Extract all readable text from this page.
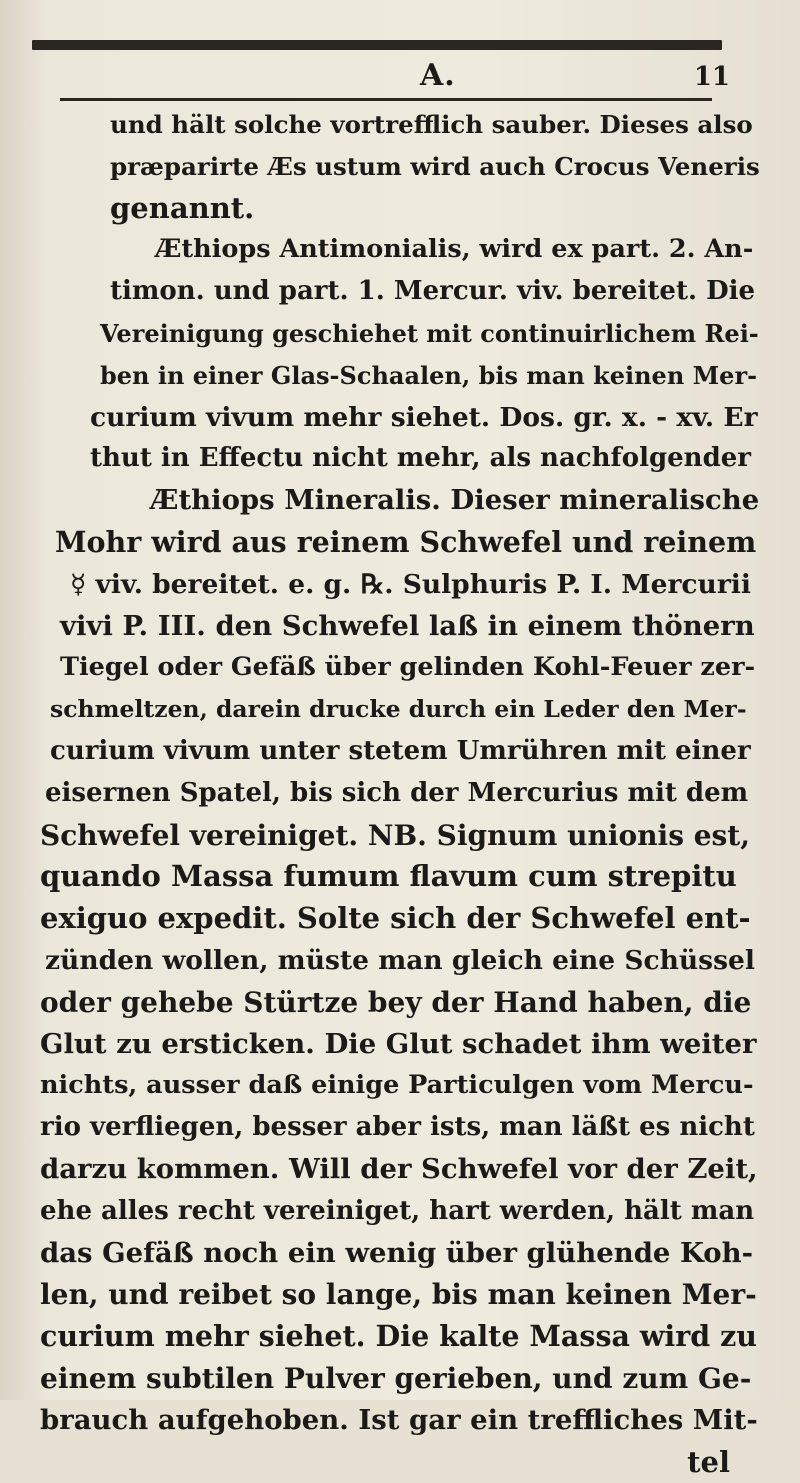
A.	11
und hält solche vortrefflich sauber. Dieses also
præparirte Æs ustum wird auch Crocus Veneris
genannt.
Æthiops Antimonialis, wird ex part. 2. An-
timon. und part. 1. Mercur. viv. bereitet. Die
Vereinigung geschiehet mit continuirlichem Rei-
ben in einer Glas-Schaalen, bis man keinen Mer-
curium vivum mehr siehet. Dos. gr. x. - xv. Er
thut in Effectu nicht mehr, als nachfolgender
Æthiops Mineralis. Dieser mineralische
Mohr wird aus reinem Schwefel und reinem
☿ viv. bereitet. e. g. ℞. Sulphuris P. I. Mercurii
vivi P. III. den Schwefel laß in einem thönern
Tiegel oder Gefäß über gelinden Kohl-Feuer zer-
schmeltzen, darein drucke durch ein Leder den Mer-
curium vivum unter stetem Umrühren mit einer
eisernen Spatel, bis sich der Mercurius mit dem
Schwefel vereiniget. NB. Signum unionis est,
quando Massa fumum flavum cum strepitu
exiguo expedit. Solte sich der Schwefel ent-
zünden wollen, müste man gleich eine Schüssel
oder gehebe Stürtze bey der Hand haben, die
Glut zu ersticken. Die Glut schadet ihm weiter
nichts, ausser daß einige Particulgen vom Mercu-
rio verfliegen, besser aber ists, man läßt es nicht
darzu kommen. Will der Schwefel vor der Zeit,
ehe alles recht vereiniget, hart werden, hält man
das Gefäß noch ein wenig über glühende Koh-
len, und reibet so lange, bis man keinen Mer-
curium mehr siehet. Die kalte Massa wird zu
einem subtilen Pulver gerieben, und zum Ge-
brauch aufgehoben. Ist gar ein treffliches Mit-
tel
